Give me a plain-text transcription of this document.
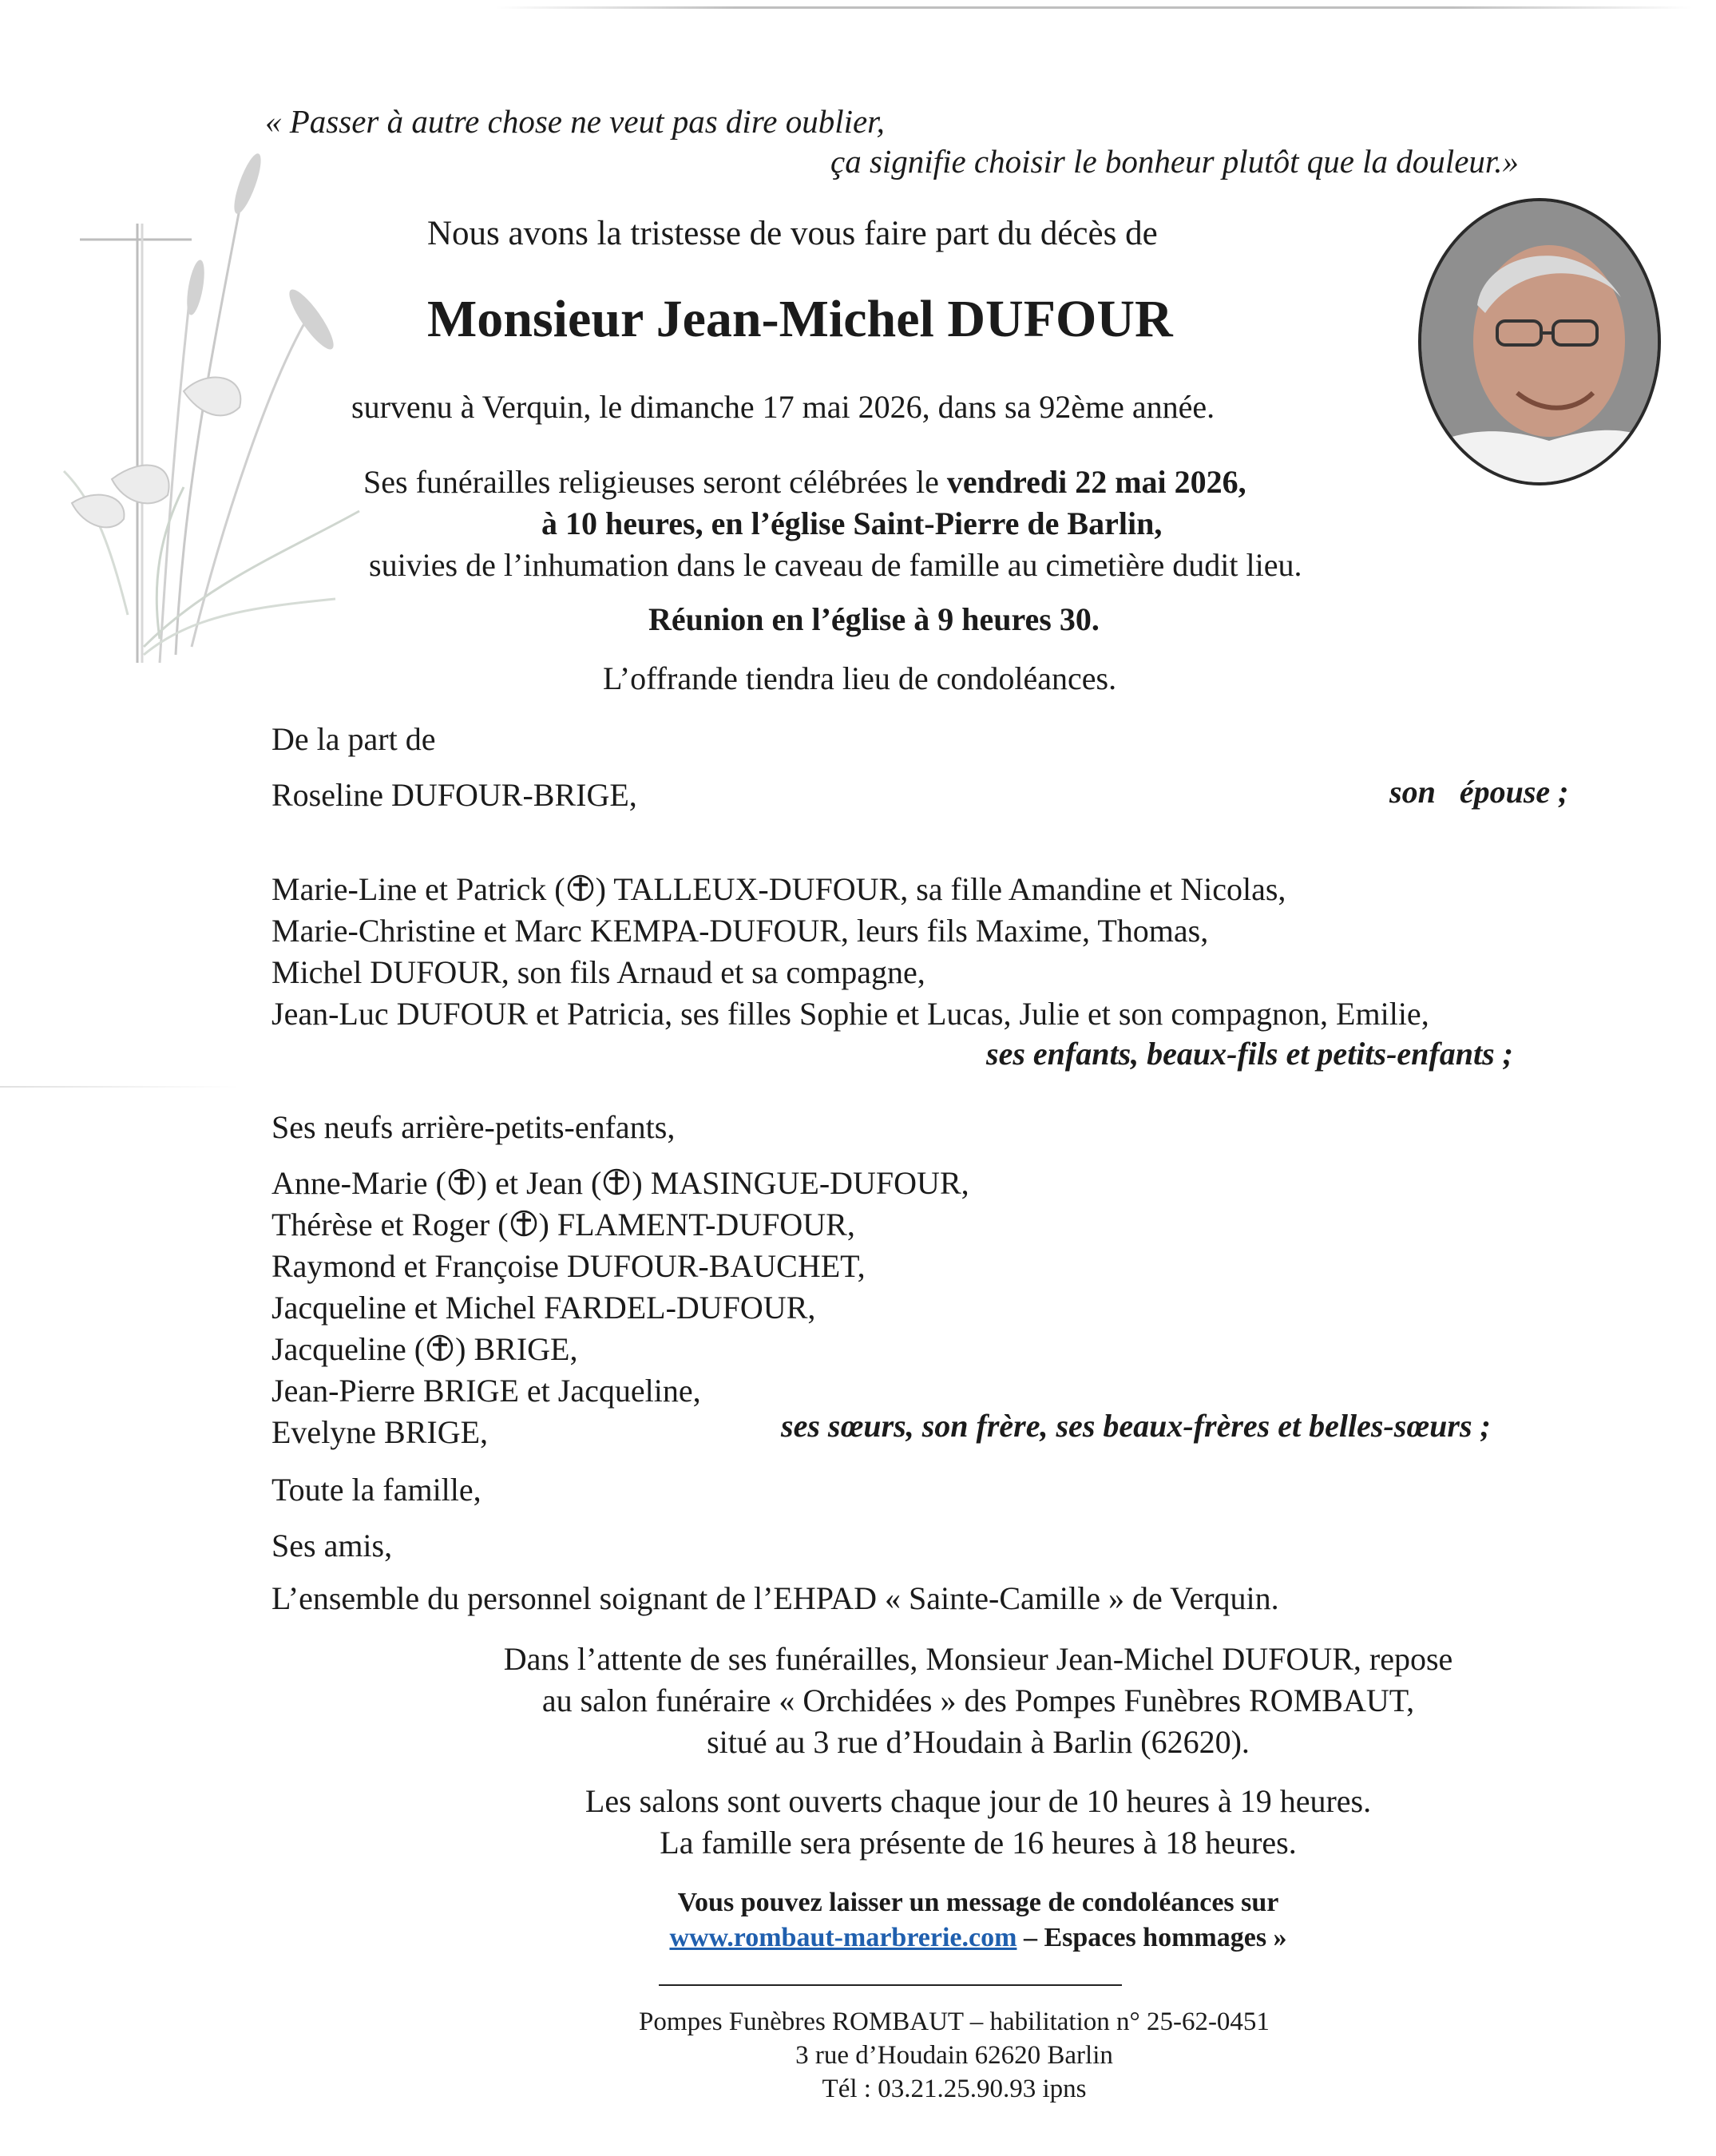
« Passer à autre chose ne veut pas dire oublier,
ça signifie choisir le bonheur plutôt que la douleur.»
Nous avons la tristesse de vous faire part du décès de
Monsieur Jean-Michel DUFOUR
survenu à Verquin, le dimanche 17 mai 2026, dans sa 92ème année.
Ses funérailles religieuses seront célébrées le vendredi 22 mai 2026,
à 10 heures, en l’église Saint-Pierre de Barlin,
suivies de l’inhumation dans le caveau de famille au cimetière dudit lieu.
Réunion en l’église à 9 heures 30.
L’offrande tiendra lieu de condoléances.
De la part de
Roseline DUFOUR-BRIGE,	son   épouse ;
Marie-Line et Patrick ( ) TALLEUX-DUFOUR, sa fille Amandine et Nicolas,
Marie-Christine et Marc KEMPA-DUFOUR, leurs fils Maxime, Thomas,
Michel DUFOUR, son fils Arnaud et sa compagne,
Jean-Luc DUFOUR et Patricia, ses filles Sophie et Lucas, Julie et son compagnon, Emilie,
ses enfants, beaux-fils et petits-enfants ;
Ses neufs arrière-petits-enfants,
Anne-Marie ( ) et Jean ( ) MASINGUE-DUFOUR,
Thérèse et Roger ( ) FLAMENT-DUFOUR,
Raymond et Françoise DUFOUR-BAUCHET,
Jacqueline et Michel FARDEL-DUFOUR,
Jacqueline ( ) BRIGE,
Jean-Pierre BRIGE et Jacqueline,
Evelyne BRIGE,	ses sœurs, son frère, ses beaux-frères et belles-sœurs ;
Toute la famille,
Ses amis,
L’ensemble du personnel soignant de l’EHPAD « Sainte-Camille » de Verquin.
Dans l’attente de ses funérailles, Monsieur Jean-Michel DUFOUR, repose
au salon funéraire « Orchidées » des Pompes Funèbres ROMBAUT,
situé au 3 rue d’Houdain à Barlin (62620).
Les salons sont ouverts chaque jour de 10 heures à 19 heures.
La famille sera présente de 16 heures à 18 heures.
Vous pouvez laisser un message de condoléances sur
www.rombaut-marbrerie.com – Espaces hommages »
Pompes Funèbres ROMBAUT – habilitation n° 25-62-0451
3 rue d’Houdain 62620 Barlin
Tél : 03.21.25.90.93 ipns
